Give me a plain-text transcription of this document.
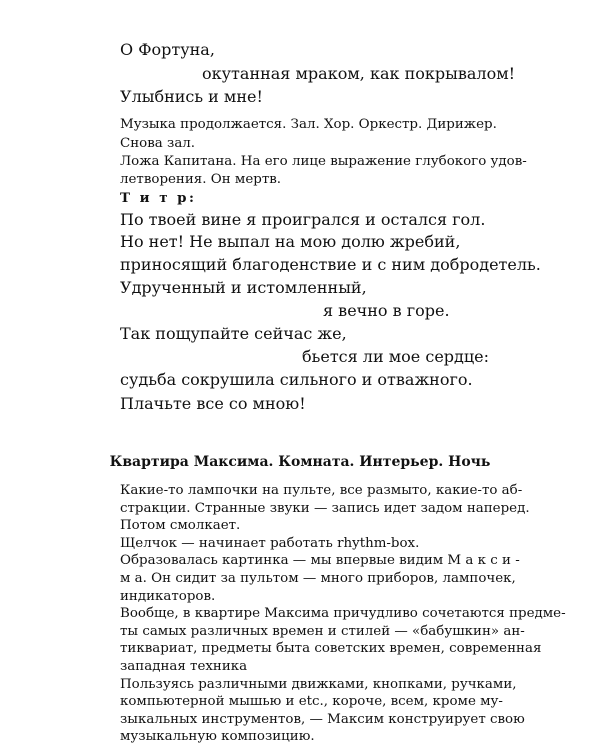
О Фортуна,
окутанная мраком, как покрывалом!
Улыбнись и мне!
Музыка продолжается. Зал. Хор. Оркестр. Дирижер.
Снова зал.
Ложа Капитана. На его лице выражение глубокого удов-
летворения. Он мертв.
Т и т р:
По твоей вине я проигрался и остался гол.
Но нет! Не выпал на мою долю жребий,
приносящий благоденствие и с ним добродетель.
Удрученный и истомленный,
я вечно в горе.
Так пощупайте сейчас же,
бьется ли мое сердце:
судьба сокрушила сильного и отважного.
Плачьте все со мною!
Квартира Максима. Комната. Интерьер. Ночь
Какие-то лампочки на пульте, все размыто, какие-то аб-
стракции. Странные звуки — запись идет задом наперед.
Потом смолкает.
Щелчок — начинает работать rhythm-box.
Образовалась картинка — мы впервые видим М а к с и -
м а. Он сидит за пультом — много приборов, лампочек,
индикаторов.
Вообще, в квартире Максима причудливо сочетаются предме-
ты самых различных времен и стилей — «бабушкин» ан-
тиквариат, предметы быта советских времен, современная
западная техника
Пользуясь различными движками, кнопками, ручками,
компьютерной мышью и etc., короче, всем, кроме му-
зыкальных инструментов, — Максим конструирует свою
музыкальную композицию.
